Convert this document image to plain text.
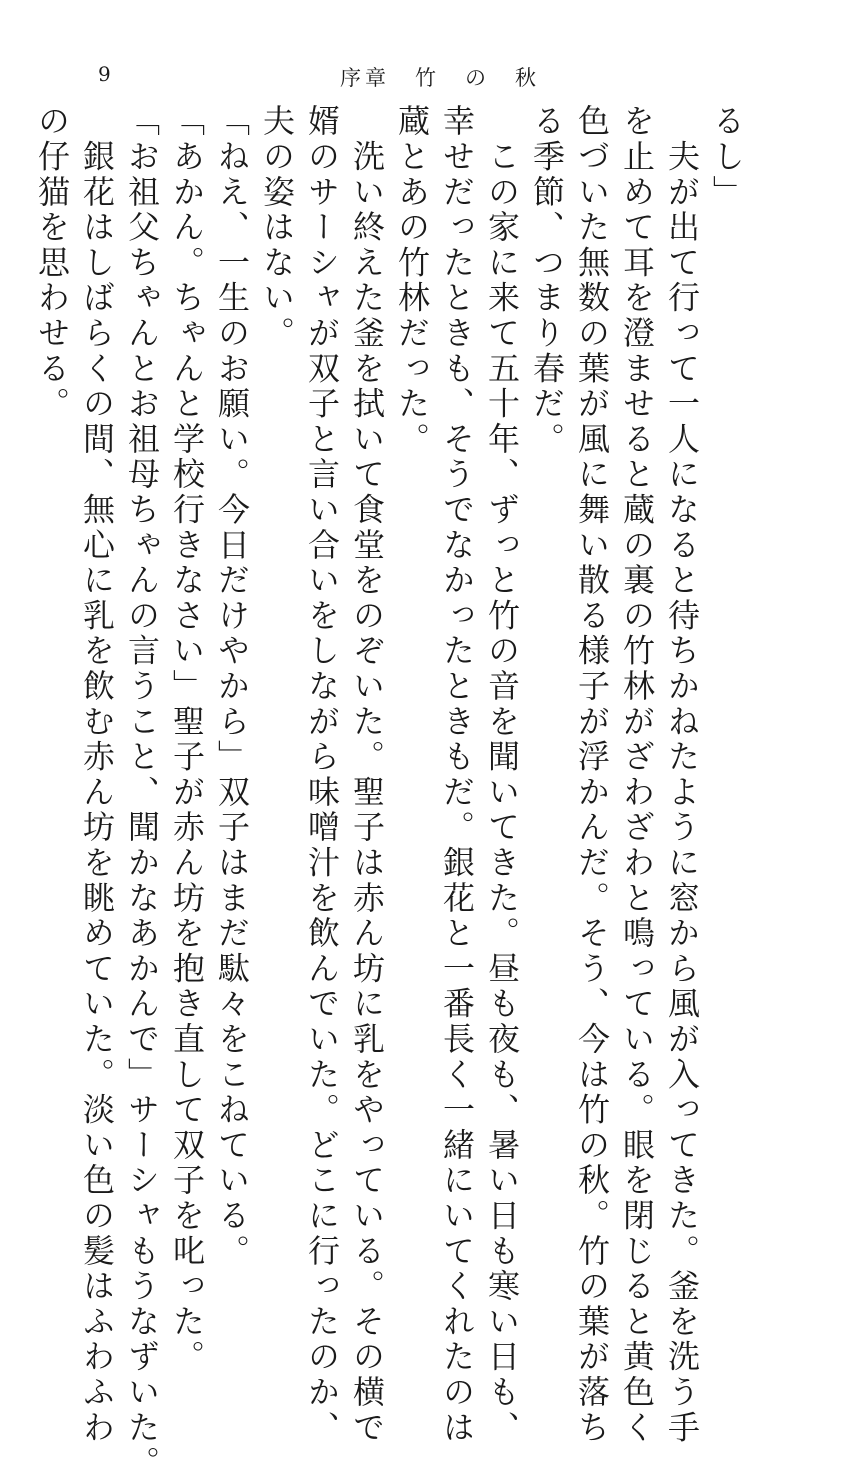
9	序章　竹　の　秋

るし」

　夫が出て行って一人になると待ちかねたように窓から風が入ってきた。釜を洗う手

を止めて耳を澄ませると蔵の裏の竹林がざわざわと鳴っている。眼を閉じると黄色く

色づいた無数の葉が風に舞い散る様子が浮かんだ。そう、今は竹の秋。竹の葉が落ち

る季節、つまり春だ。

　この家に来て五十年、ずっと竹の音を聞いてきた。昼も夜も、暑い日も寒い日も、

幸せだったときも、そうでなかったときもだ。銀花と一番長く一緒にいてくれたのは

蔵とあの竹林だった。

　洗い終えた釜を拭いて食堂をのぞいた。聖子は赤ん坊に乳をやっている。その横で

婿のサーシャが双子と言い合いをしながら味噌汁を飲んでいた。どこに行ったのか、

夫の姿はない。

「ねえ、一生のお願い。今日だけやから」双子はまだ駄々をこねている。

「あかん。ちゃんと学校行きなさい」聖子が赤ん坊を抱き直して双子を叱った。

「お祖父ちゃんとお祖母ちゃんの言うこと、聞かなあかんで」サーシャもうなずいた。

　銀花はしばらくの間、無心に乳を飲む赤ん坊を眺めていた。淡い色の髪はふわふわ

の仔猫を思わせる。
